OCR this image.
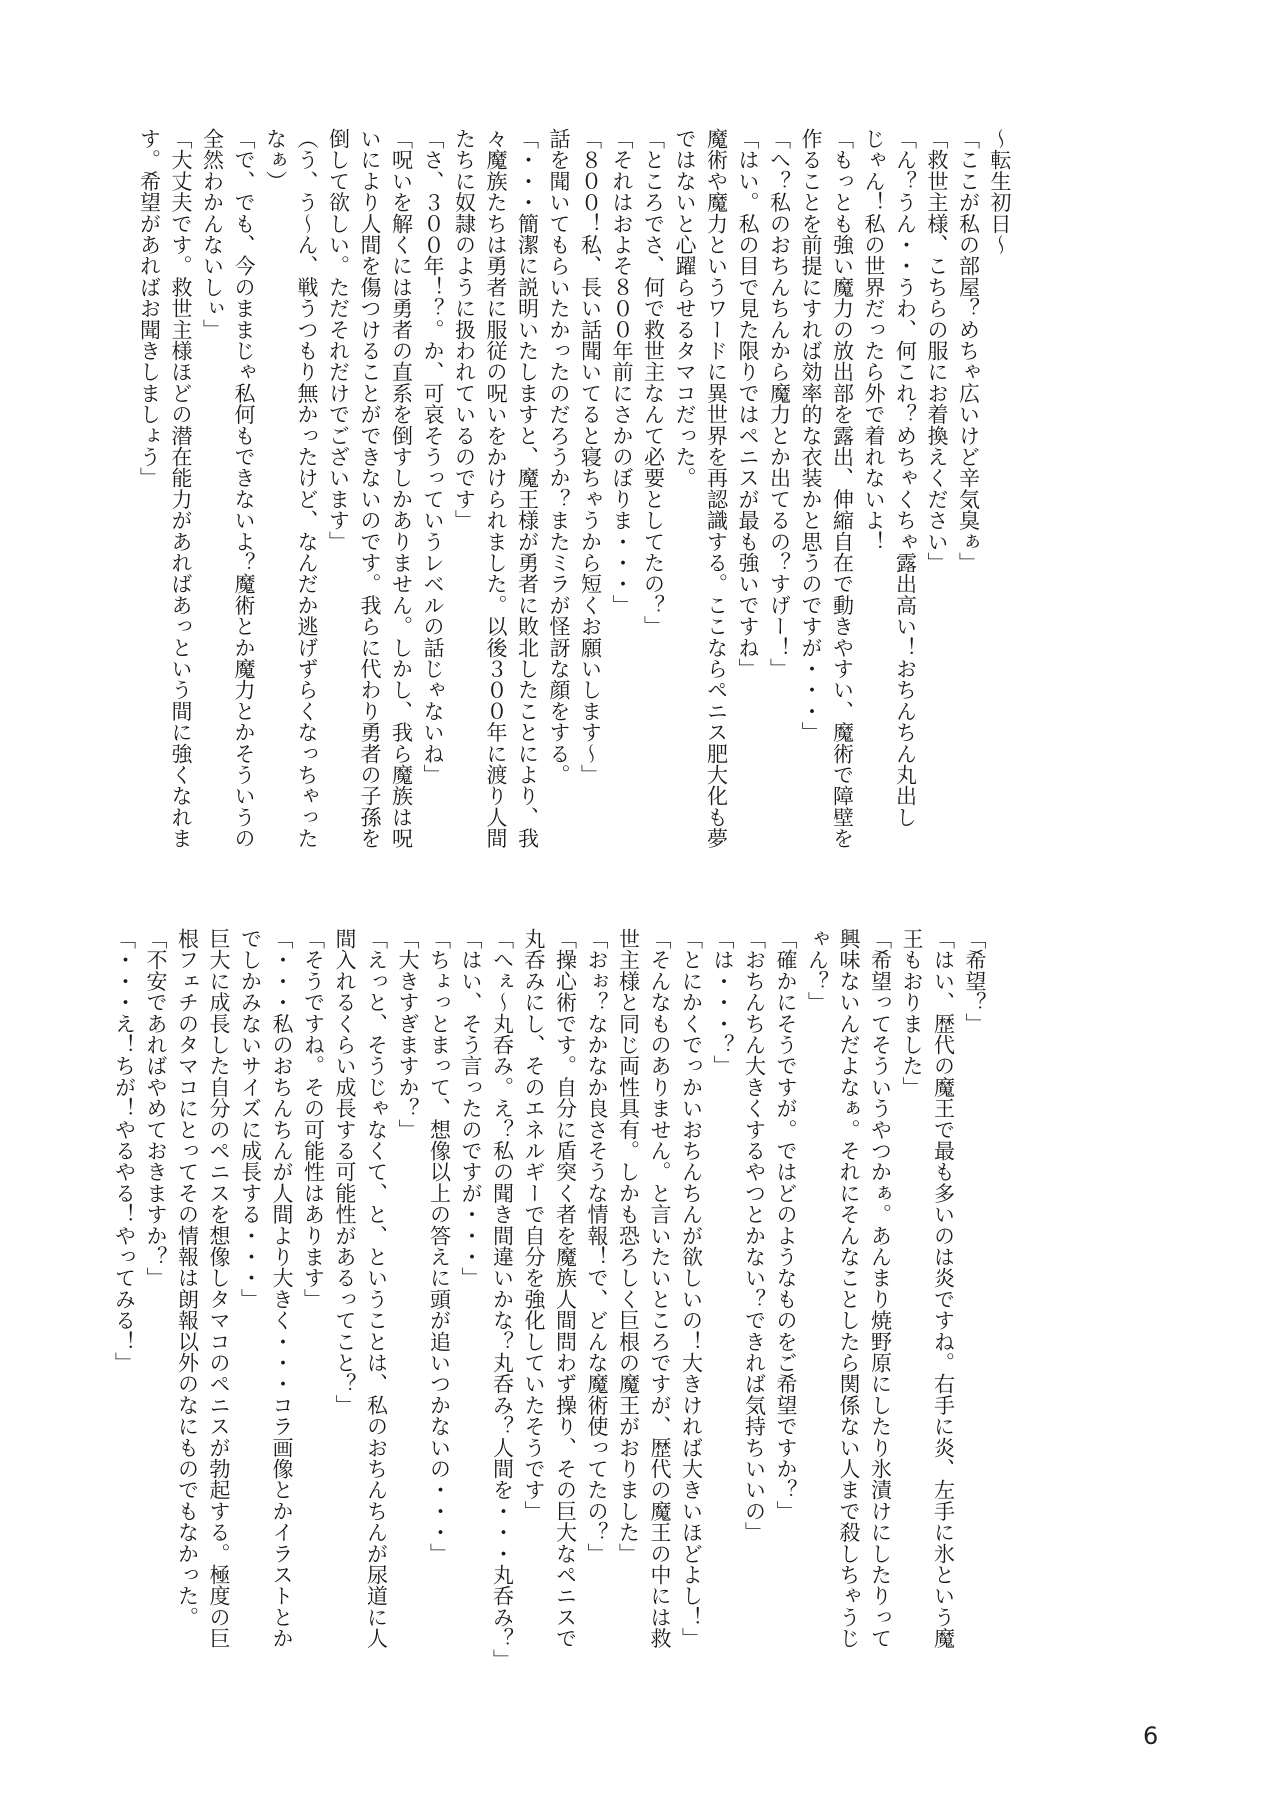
～転生初日～
「ここが私の部屋？めちゃ広いけど辛気臭ぁ」
「救世主様、こちらの服にお着換えください」
「ん？うん・・うわ、何これ？めちゃくちゃ露出高い！おちんちん丸出し
じゃん！私の世界だったら外で着れないよ！
「もっとも強い魔力の放出部を露出、伸縮自在で動きやすい、魔術で障壁を
作ることを前提にすれば効率的な衣装かと思うのですが・・・」
「へ？私のおちんちんから魔力とか出てるの？すげー！」
「はい。私の目で見た限りではペニスが最も強いですね」
魔術や魔力というワードに異世界を再認識する。ここならペニス肥大化も夢
ではないと心躍らせるタマコだった。
「ところでさ、何で救世主なんて必要としてたの？」
「それはおよそ８００年前にさかのぼりま・・・」
「８００！私、長い話聞いてると寝ちゃうから短くお願いします～」
話を聞いてもらいたかったのだろうか？またミラが怪訝な顔をする。
「・・・簡潔に説明いたしますと、魔王様が勇者に敗北したことにより、我
々魔族たちは勇者に服従の呪いをかけられました。以後３００年に渡り人間
たちに奴隷のように扱われているのです」
「さ、３００年！？。か、可哀そうっていうレベルの話じゃないね」
「呪いを解くには勇者の直系を倒すしかありません。しかし、我ら魔族は呪
いにより人間を傷つけることができないのです。我らに代わり勇者の子孫を
倒して欲しい。ただそれだけでございます」
（う、う～ん、戦うつもり無かったけど、なんだか逃げずらくなっちゃった
なぁ）
「で、でも、今のままじゃ私何もできないよ？魔術とか魔力とかそういうの
全然わかんないしぃ」
「大丈夫です。救世主様ほどの潜在能力があればあっという間に強くなれま
す。希望があればお聞きしましょう」
「希望？」
「はい、歴代の魔王で最も多いのは炎ですね。右手に炎、左手に氷という魔
王もおりました」
「希望ってそういうやつかぁ。あんまり焼野原にしたり氷漬けにしたりって
興味ないんだよなぁ。それにそんなことしたら関係ない人まで殺しちゃうじ
ゃん？」
「確かにそうですが。ではどのようなものをご希望ですか？」
「おちんちん大きくするやつとかない？できれば気持ちいいの」
「は・・・？」
「とにかくでっかいおちんちんが欲しいの！大きければ大きいほどよし！」
「そんなものありません。と言いたいところですが、歴代の魔王の中には救
世主様と同じ両性具有。しかも恐ろしく巨根の魔王がおりました」
「おぉ？なかなか良さそうな情報！で、どんな魔術使ってたの？」
「操心術です。自分に盾突く者を魔族人間問わず操り、その巨大なペニスで
丸呑みにし、そのエネルギーで自分を強化していたそうです」
「へぇ～丸呑み。え？私の聞き間違いかな？丸呑み？人間を・・・丸呑み？」
「はい、そう言ったのですが・・・」
「ちょっとまって、想像以上の答えに頭が追いつかないの・・・」
「大きすぎますか？」
「えっと、そうじゃなくて、と、ということは、私のおちんちんが尿道に人
間入れるくらい成長する可能性があるってこと？」
「そうですね。その可能性はあります」
「・・・私のおちんちんが人間より大きく・・・コラ画像とかイラストとか
でしかみないサイズに成長する・・・」
巨大に成長した自分のペニスを想像しタマコのペニスが勃起する。極度の巨
根フェチのタマコにとってその情報は朗報以外のなにものでもなかった。
「不安であればやめておきますか？」
「・・・え！ちが！やるやる！やってみる！」
6
